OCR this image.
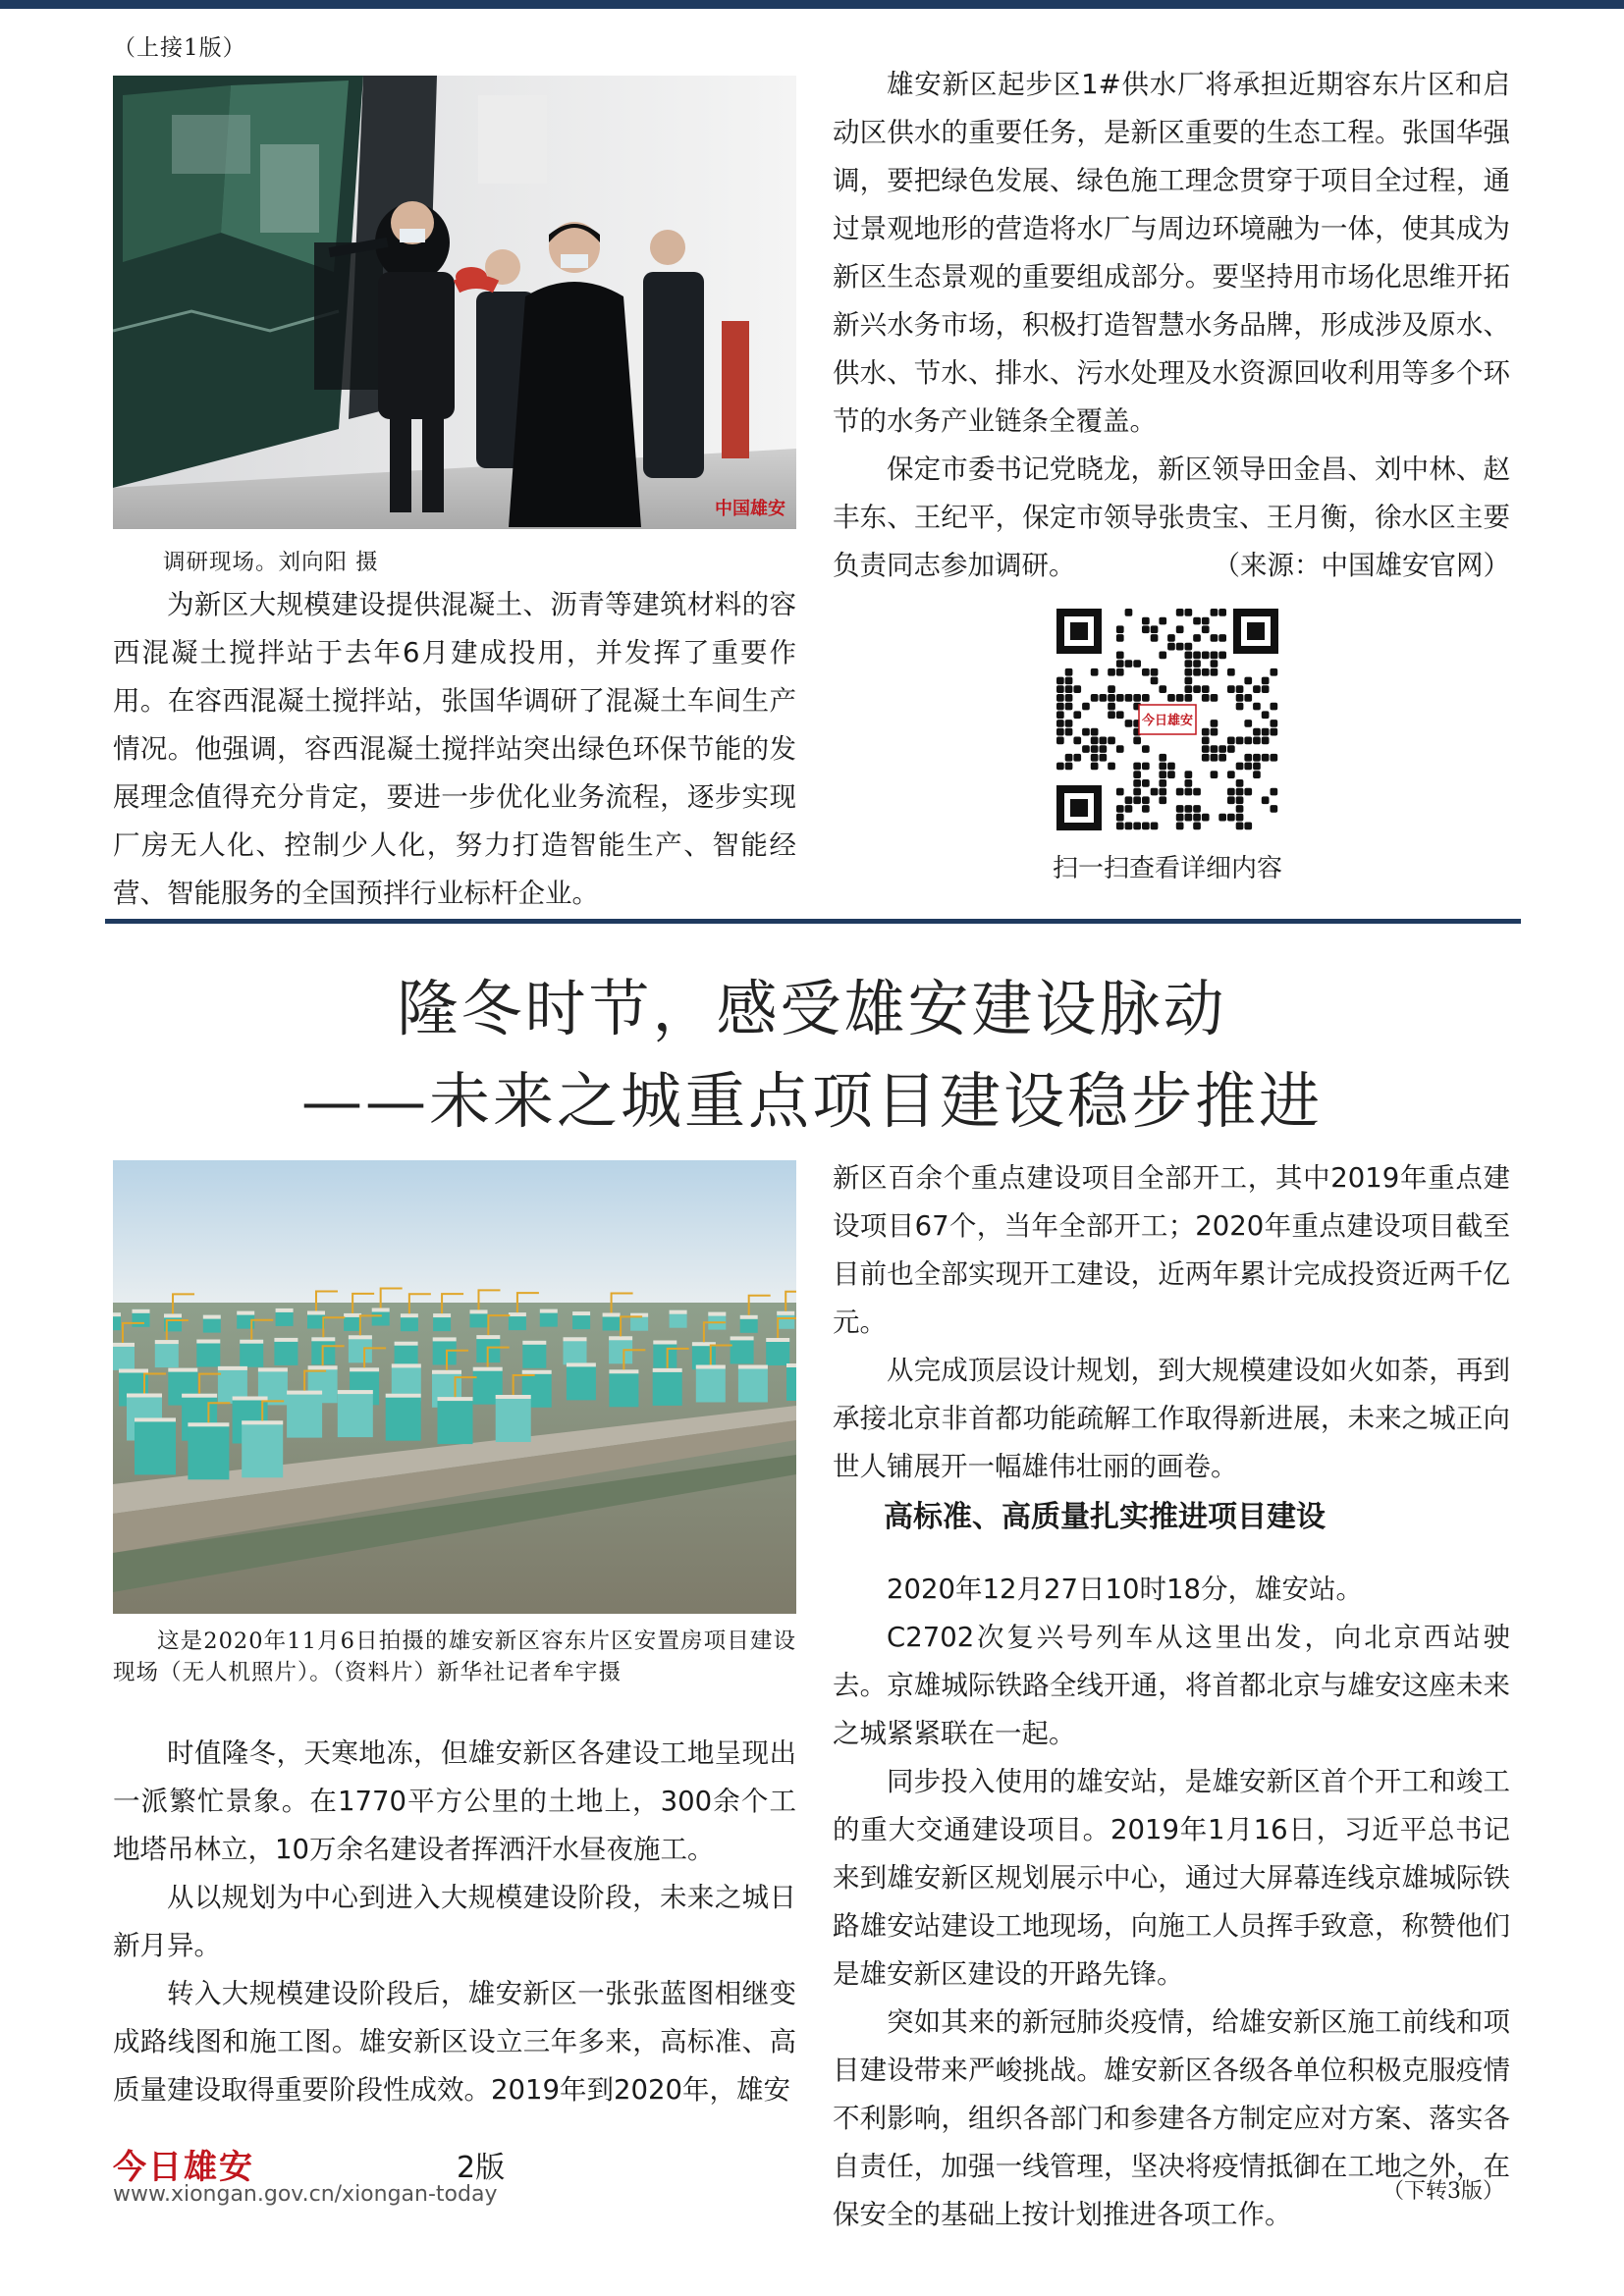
（上接1版）
中国雄安
调研现场。刘向阳 摄

为新区大规模建设提供混凝土、沥青等建筑材料的容西混凝土搅拌站于去年6月建成投用，并发挥了重要作用。在容西混凝土搅拌站，张国华调研了混凝土车间生产情况。他强调，容西混凝土搅拌站突出绿色环保节能的发展理念值得充分肯定，要进一步优化业务流程，逐步实现厂房无人化、控制少人化，努力打造智能生产、智能经营、智能服务的全国预拌行业标杆企业。

雄安新区起步区1#供水厂将承担近期容东片区和启动区供水的重要任务，是新区重要的生态工程。张国华强调，要把绿色发展、绿色施工理念贯穿于项目全过程，通过景观地形的营造将水厂与周边环境融为一体，使其成为新区生态景观的重要组成部分。要坚持用市场化思维开拓新兴水务市场，积极打造智慧水务品牌，形成涉及原水、供水、节水、排水、污水处理及水资源回收利用等多个环节的水务产业链条全覆盖。

保定市委书记党晓龙，新区领导田金昌、刘中林、赵丰东、王纪平，保定市领导张贵宝、王月衡，徐水区主要负责同志参加调研。	（来源：中国雄安官网）

今日雄安
扫一扫查看详细内容
隆冬时节，感受雄安建设脉动
——未来之城重点项目建设稳步推进
这是2020年11月6日拍摄的雄安新区容东片区安置房项目建设现场（无人机照片）。（资料片）新华社记者牟宇摄

时值隆冬，天寒地冻，但雄安新区各建设工地呈现出一派繁忙景象。在1770平方公里的土地上，300余个工地塔吊林立，10万余名建设者挥洒汗水昼夜施工。

从以规划为中心到进入大规模建设阶段，未来之城日新月异。

转入大规模建设阶段后，雄安新区一张张蓝图相继变成路线图和施工图。雄安新区设立三年多来，高标准、高质量建设取得重要阶段性成效。2019年到2020年，雄安

新区百余个重点建设项目全部开工，其中2019年重点建设项目67个，当年全部开工；2020年重点建设项目截至目前也全部实现开工建设，近两年累计完成投资近两千亿元。

从完成顶层设计规划，到大规模建设如火如荼，再到承接北京非首都功能疏解工作取得新进展，未来之城正向世人铺展开一幅雄伟壮丽的画卷。

高标准、高质量扎实推进项目建设

2020年12月27日10时18分，雄安站。

C2702次复兴号列车从这里出发，向北京西站驶去。京雄城际铁路全线开通，将首都北京与雄安这座未来之城紧紧联在一起。

同步投入使用的雄安站，是雄安新区首个开工和竣工的重大交通建设项目。2019年1月16日，习近平总书记来到雄安新区规划展示中心，通过大屏幕连线京雄城际铁路雄安站建设工地现场，向施工人员挥手致意，称赞他们是雄安新区建设的开路先锋。

突如其来的新冠肺炎疫情，给雄安新区施工前线和项目建设带来严峻挑战。雄安新区各级各单位积极克服疫情不利影响，组织各部门和参建各方制定应对方案、落实各自责任，加强一线管理，坚决将疫情抵御在工地之外，在保安全的基础上按计划推进各项工作。

（下转3版）
今日雄安	2版
www.xiongan.gov.cn/xiongan-today
